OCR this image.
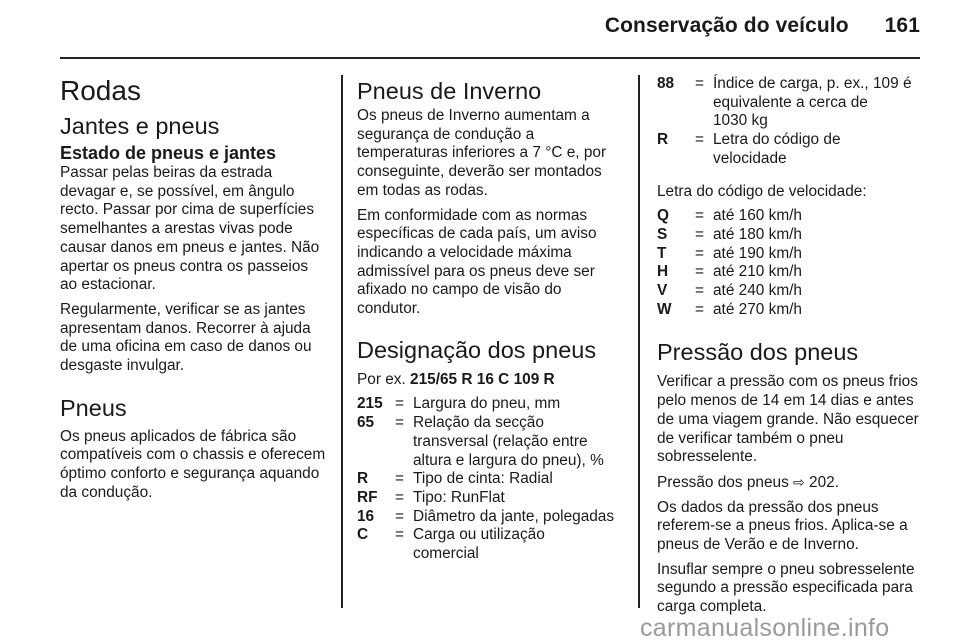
Conservação do veículo 161
Rodas
Jantes e pneus
Estado de pneus e jantes

Passar pelas beiras da estrada devagar e, se possível, em ângulo recto. Passar por cima de superfícies semelhantes a arestas vivas pode causar danos em pneus e jantes. Não apertar os pneus contra os passeios ao estacionar.

Regularmente, verificar se as jantes apresentam danos. Recorrer à ajuda de uma oficina em caso de danos ou desgaste invulgar.

Pneus

Os pneus aplicados de fábrica são compatíveis com o chassis e oferecem óptimo conforto e segurança aquando da condução.

Pneus de Inverno

Os pneus de Inverno aumentam a segurança de condução a temperaturas inferiores a 7 °C e, por conseguinte, deverão ser montados em todas as rodas.

Em conformidade com as normas específicas de cada país, um aviso indicando a velocidade máxima admissível para os pneus deve ser afixado no campo de visão do condutor.

Designação dos pneus

Por ex. 215/65 R 16 C 109 R

215 = Largura do pneu, mm
65	= Relação da secção
transversal (relação entre
altura e largura do pneu), %
R	= Tipo de cinta: Radial
RF	= Tipo: RunFlat
16	= Diâmetro da jante, polegadas
C	= Carga ou utilização
comercial
88	= Índice de carga, p. ex., 109 é
equivalente a cerca de
1030 kg
R	= Letra do código de
velocidade

Letra do código de velocidade:

Q	= até 160 km/h
S	= até 180 km/h
T	= até 190 km/h
H	= até 210 km/h
V	= até 240 km/h
W	= até 270 km/h
Pressão dos pneus

Verificar a pressão com os pneus frios pelo menos de 14 em 14 dias e antes de uma viagem grande. Não esquecer de verificar também o pneu sobresselente.

Pressão dos pneus ⇨ 202.

Os dados da pressão dos pneus referem-se a pneus frios. Aplica-se a pneus de Verão e de Inverno.

Insuflar sempre o pneu sobresselente segundo a pressão especificada para carga completa.

carmanualsonline.info
